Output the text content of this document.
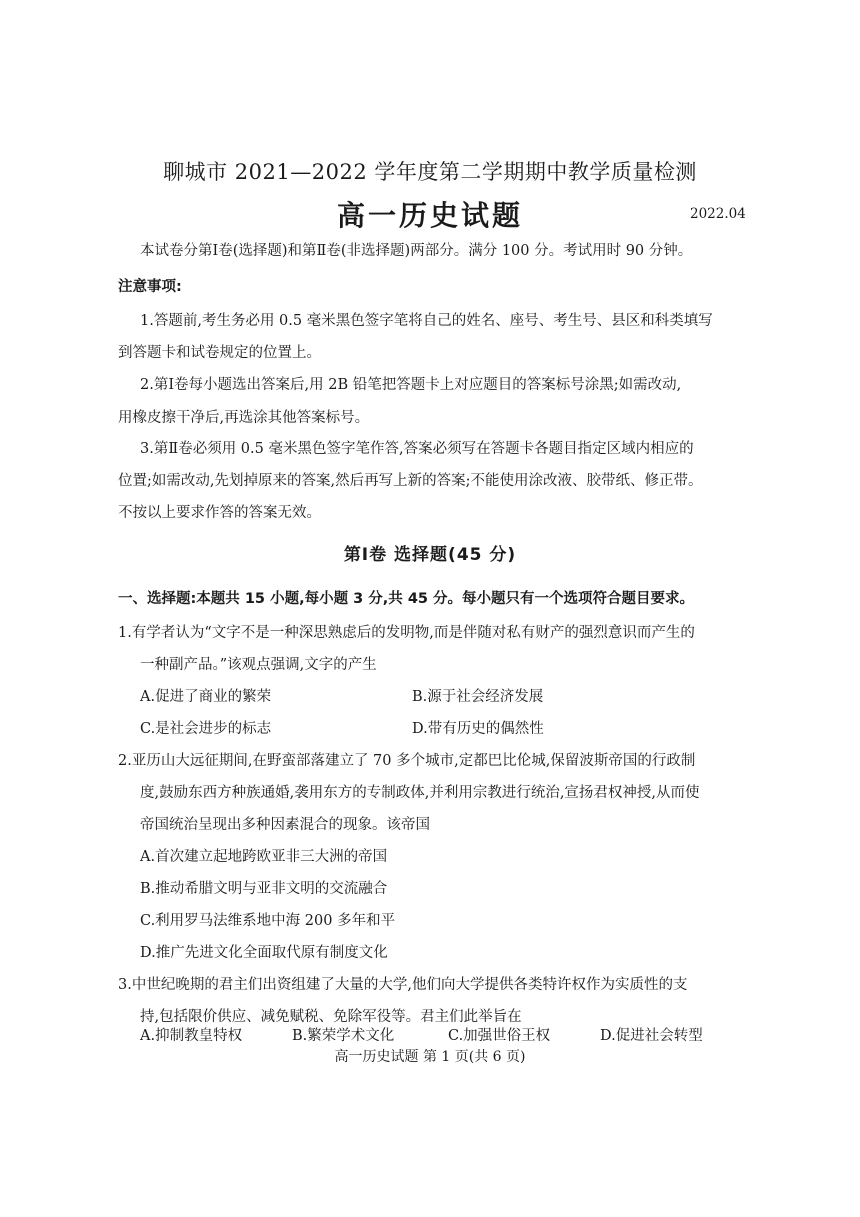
聊城市 2021—2022 学年度第二学期期中教学质量检测
高一历史试题	2022.04
本试卷分第Ⅰ卷(选择题)和第Ⅱ卷(非选择题)两部分。满分 100 分。考试用时 90 分钟。
注意事项:
1.答题前,考生务必用 0.5 毫米黑色签字笔将自己的姓名、座号、考生号、县区和科类填写
到答题卡和试卷规定的位置上。
2.第Ⅰ卷每小题选出答案后,用 2B 铅笔把答题卡上对应题目的答案标号涂黑;如需改动,
用橡皮擦干净后,再选涂其他答案标号。
3.第Ⅱ卷必须用 0.5 毫米黑色签字笔作答,答案必须写在答题卡各题目指定区域内相应的
位置;如需改动,先划掉原来的答案,然后再写上新的答案;不能使用涂改液、胶带纸、修正带。
不按以上要求作答的答案无效。
第Ⅰ卷 选择题(45 分)
一、选择题:本题共 15 小题,每小题 3 分,共 45 分。每小题只有一个选项符合题目要求。
1.有学者认为“文字不是一种深思熟虑后的发明物,而是伴随对私有财产的强烈意识而产生的
一种副产品。”该观点强调,文字的产生
A.促进了商业的繁荣	B.源于社会经济发展
C.是社会进步的标志	D.带有历史的偶然性
2.亚历山大远征期间,在野蛮部落建立了 70 多个城市,定都巴比伦城,保留波斯帝国的行政制
度,鼓励东西方种族通婚,袭用东方的专制政体,并利用宗教进行统治,宣扬君权神授,从而使
帝国统治呈现出多种因素混合的现象。该帝国
A.首次建立起地跨欧亚非三大洲的帝国
B.推动希腊文明与亚非文明的交流融合
C.利用罗马法维系地中海 200 多年和平
D.推广先进文化全面取代原有制度文化
3.中世纪晚期的君主们出资组建了大量的大学,他们向大学提供各类特许权作为实质性的支
持,包括限价供应、减免赋税、免除军役等。君主们此举旨在
A.抑制教皇特权	B.繁荣学术文化	C.加强世俗王权	D.促进社会转型
高一历史试题 第 1 页(共 6 页)
